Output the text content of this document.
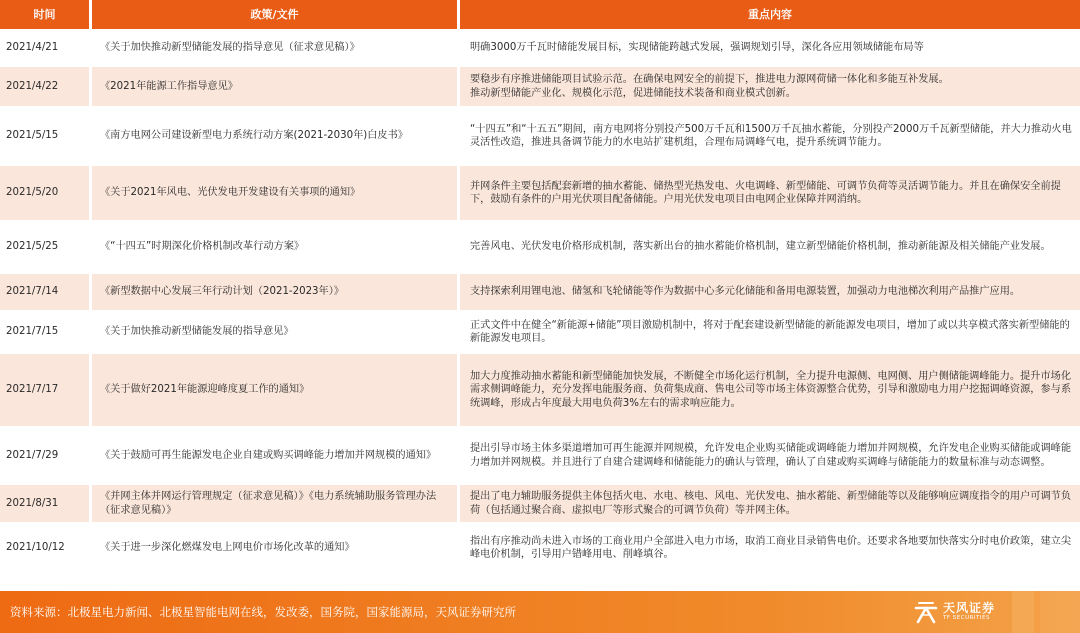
时间	政策/文件	重点内容
2021/4/21	《关于加快推动新型储能发展的指导意见（征求意见稿）》	明确3000万千瓦时储能发展目标，实现储能跨越式发展，强调规划引导，深化各应用领域储能布局等
2021/4/22	《2021年能源工作指导意见》	要稳步有序推进储能项目试验示范。在确保电网安全的前提下，推进电力源网荷储一体化和多能互补发展。
推动新型储能产业化、规模化示范，促进储能技术装备和商业模式创新。
2021/5/15	《南方电网公司建设新型电力系统行动方案(2021-2030年)白皮书》	“十四五”和“十五五”期间，南方电网将分别投产500万千瓦和1500万千瓦抽水蓄能，分别投产2000万千瓦新型储能，并大力推动火电灵活性改造，推进具备调节能力的水电站扩建机组，合理布局调峰气电，提升系统调节能力。
2021/5/20	《关于2021年风电、光伏发电开发建设有关事项的通知》	并网条件主要包括配套新增的抽水蓄能、储热型光热发电、火电调峰、新型储能、可调节负荷等灵活调节能力。并且在确保安全前提下，鼓励有条件的户用光伏项目配备储能。户用光伏发电项目由电网企业保障并网消纳。
2021/5/25	《“十四五”时期深化价格机制改革行动方案》	完善风电、光伏发电价格形成机制，落实新出台的抽水蓄能价格机制，建立新型储能价格机制，推动新能源及相关储能产业发展。
2021/7/14	《新型数据中心发展三年行动计划（2021-2023年）》	支持探索利用锂电池、储氢和飞轮储能等作为数据中心多元化储能和备用电源装置，加强动力电池梯次利用产品推广应用。
2021/7/15	《关于加快推动新型储能发展的指导意见》	正式文件中在健全“新能源+储能”项目激励机制中，将对于配套建设新型储能的新能源发电项目，增加了或以共享模式落实新型储能的新能源发电项目。
2021/7/17	《关于做好2021年能源迎峰度夏工作的通知》	加大力度推动抽水蓄能和新型储能加快发展，不断健全市场化运行机制，全力提升电源侧、电网侧、用户侧储能调峰能力。提升市场化需求侧调峰能力，充分发挥电能服务商、负荷集成商、售电公司等市场主体资源整合优势，引导和激励电力用户挖掘调峰资源，参与系统调峰，形成占年度最大用电负荷3%左右的需求响应能力。
2021/7/29	《关于鼓励可再生能源发电企业自建或购买调峰能力增加并网规模的通知》	提出引导市场主体多渠道增加可再生能源并网规模，允许发电企业购买储能或调峰能力增加并网规模，允许发电企业购买储能或调峰能力增加并网规模。并且进行了自建合建调峰和储能能力的确认与管理，确认了自建或购买调峰与储能能力的数量标准与动态调整。
2021/8/31	《并网主体并网运行管理规定（征求意见稿）》《电力系统辅助服务管理办法（征求意见稿）》	提出了电力辅助服务提供主体包括火电、水电、核电、风电、光伏发电、抽水蓄能、新型储能等以及能够响应调度指令的用户可调节负荷（包括通过聚合商、虚拟电厂等形式聚合的可调节负荷）等并网主体。
2021/10/12	《关于进一步深化燃煤发电上网电价市场化改革的通知》	指出有序推动尚未进入市场的工商业用户全部进入电力市场，取消工商业目录销售电价。还要求各地要加快落实分时电价政策，建立尖峰电价机制，引导用户错峰用电、削峰填谷。
资料来源：北极星电力新闻、北极星智能电网在线，发改委，国务院，国家能源局，天风证券研究所	天风证券
TF SECURITIES
